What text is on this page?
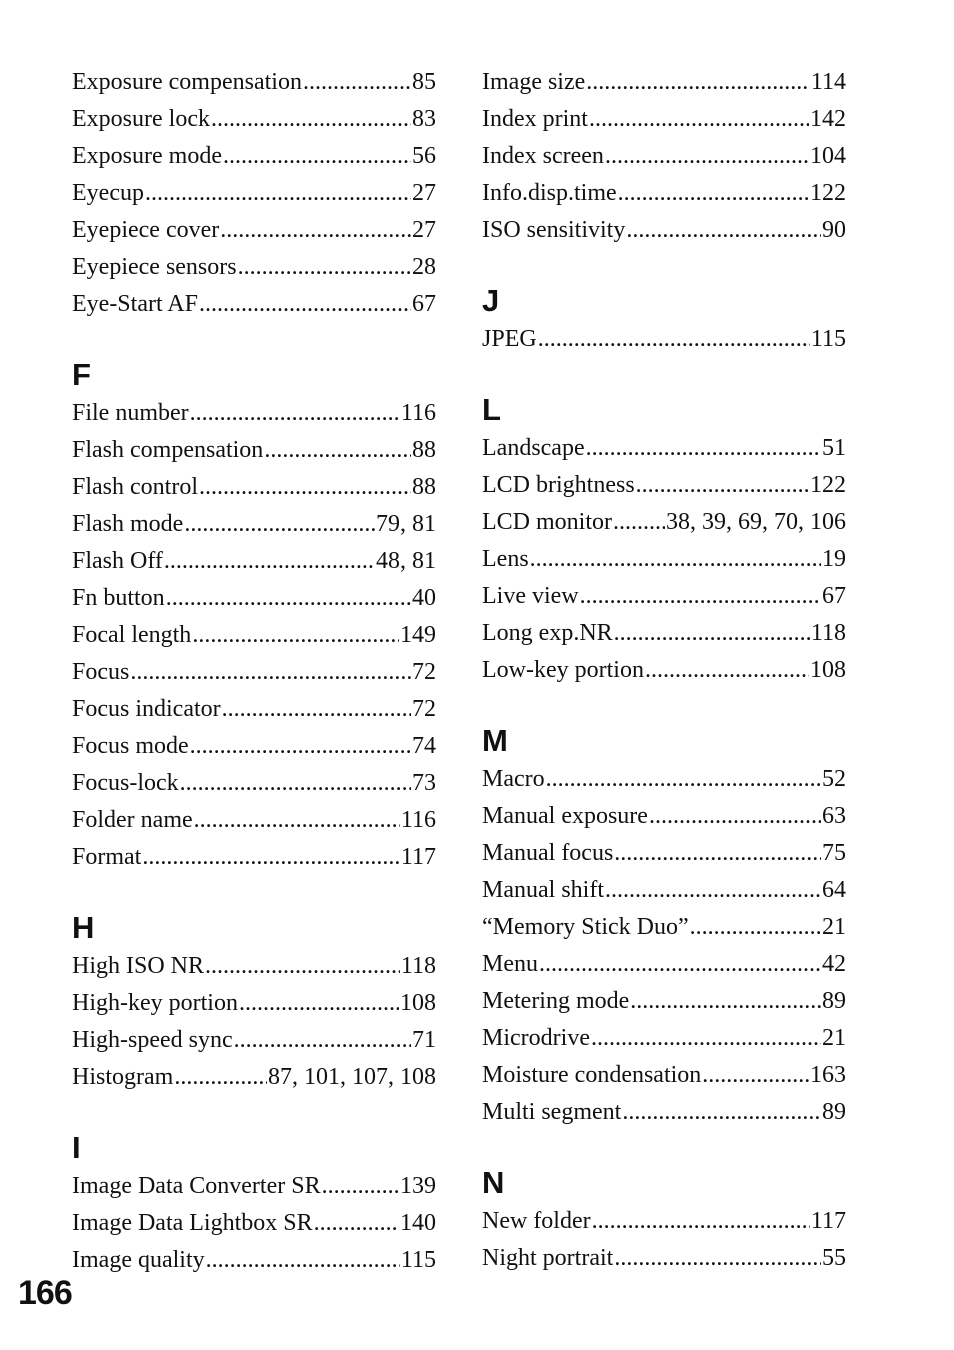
Exposure compensation .....	85
Exposure lock .....	83
Exposure mode .....	56
Eyecup .....	27
Eyepiece cover .....	27
Eyepiece sensors .....	28
Eye-Start AF .....	67
F
File number .....	116
Flash compensation .....	88
Flash control .....	88
Flash mode .....	79, 81
Flash Off .....	48, 81
Fn button .....	40
Focal length .....	149
Focus .....	72
Focus indicator .....	72
Focus mode .....	74
Focus-lock .....	73
Folder name .....	116
Format .....	117
H
High ISO NR .....	118
High-key portion .....	108
High-speed sync .....	71
Histogram .....	87, 101, 107, 108
I
Image Data Converter SR .....	139
Image Data Lightbox SR .....	140
Image quality .....	115
Image size .....	114
Index print .....	142
Index screen .....	104
Info.disp.time .....	122
ISO sensitivity .....	90
J
JPEG .....	115
L
Landscape .....	51
LCD brightness .....	122
LCD monitor ..... 38, 39, 69, 70, 106
Lens .....	19
Live view .....	67
Long exp.NR .....	118
Low-key portion .....	108
M
Macro .....	52
Manual exposure .....	63
Manual focus .....	75
Manual shift .....	64
“Memory Stick Duo” .....	21
Menu .....	42
Metering mode .....	89
Microdrive .....	21
Moisture condensation .....	163
Multi segment .....	89
N
New folder .....	117
Night portrait .....	55
166
